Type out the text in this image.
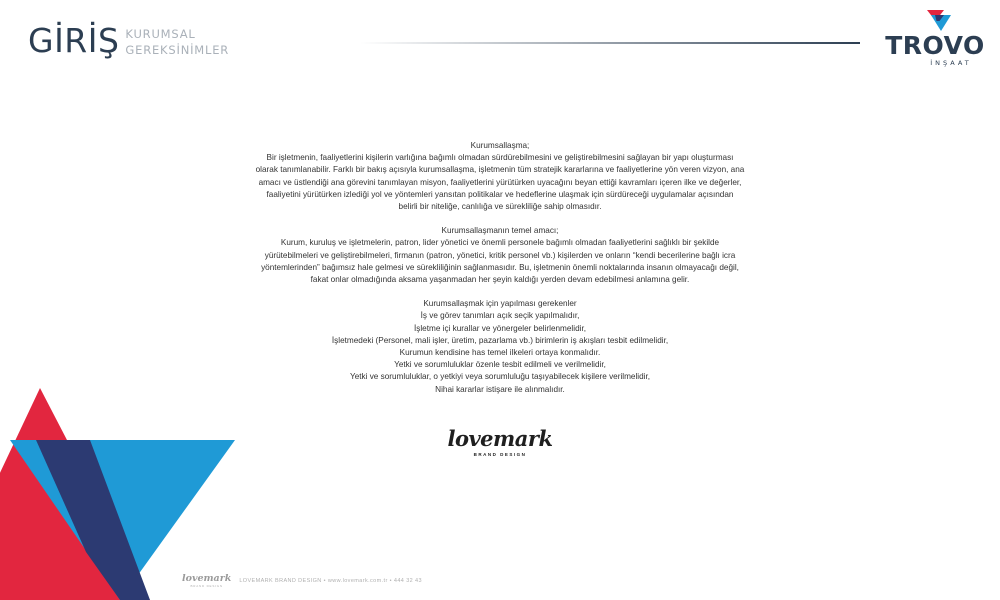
GİRİŞ KURUMSAL
GEREKSİNİMLER	TROVO
İNŞAAT

Kurumsallaşma;

Bir işletmenin, faaliyetlerini kişilerin varlığına bağımlı olmadan sürdürebilmesini ve geliştirebilmesini sağlayan bir yapı oluşturması

olarak tanımlanabilir. Farklı bir bakış açısıyla kurumsallaşma, işletmenin tüm stratejik kararlarına ve faaliyetlerine yön veren vizyon, ana

amacı ve üstlendiği ana görevini tanımlayan misyon, faaliyetlerini yürütürken uyacağını beyan ettiği kavramları içeren ilke ve değerler,

faaliyetini yürütürken izlediği yol ve yöntemleri yansıtan politikalar ve hedeflerine ulaşmak için sürdüreceği uygulamalar açısından

belirli bir niteliğe, canlılığa ve sürekliliğe sahip olmasıdır.

Kurumsallaşmanın temel amacı;

Kurum, kuruluş ve işletmelerin, patron, lider yönetici ve önemli personele bağımlı olmadan faaliyetlerini sağlıklı bir şekilde

yürütebilmeleri ve geliştirebilmeleri, firmanın (patron, yönetici, kritik personel vb.) kişilerden ve onların “kendi becerilerine bağlı icra

yöntemlerinden” bağımsız hale gelmesi ve sürekliliğinin sağlanmasıdır. Bu, işletmenin önemli noktalarında insanın olmayacağı değil,

fakat onlar olmadığında aksama yaşanmadan her şeyin kaldığı yerden devam edebilmesi anlamına gelir.

Kurumsallaşmak için yapılması gerekenler

İş ve görev tanımları açık seçik yapılmalıdır,

İşletme içi kurallar ve yönergeler belirlenmelidir,

İşletmedeki (Personel, mali işler, üretim, pazarlama vb.) birimlerin iş akışları tesbit edilmelidir,

Kurumun kendisine has temel ilkeleri ortaya konmalıdır.

Yetki ve sorumluluklar özenle tesbit edilmeli ve verilmelidir,

Yetki ve sorumluluklar, o yetkiyi veya sorumluluğu taşıyabilecek kişilere verilmelidir,

Nihai kararlar istişare ile alınmalıdır.

lovemark
BRAND DESIGN
lovemark
BRAND DESIGN
LOVEMARK BRAND DESIGN • www.lovemark.com.tr • 444 32 43
